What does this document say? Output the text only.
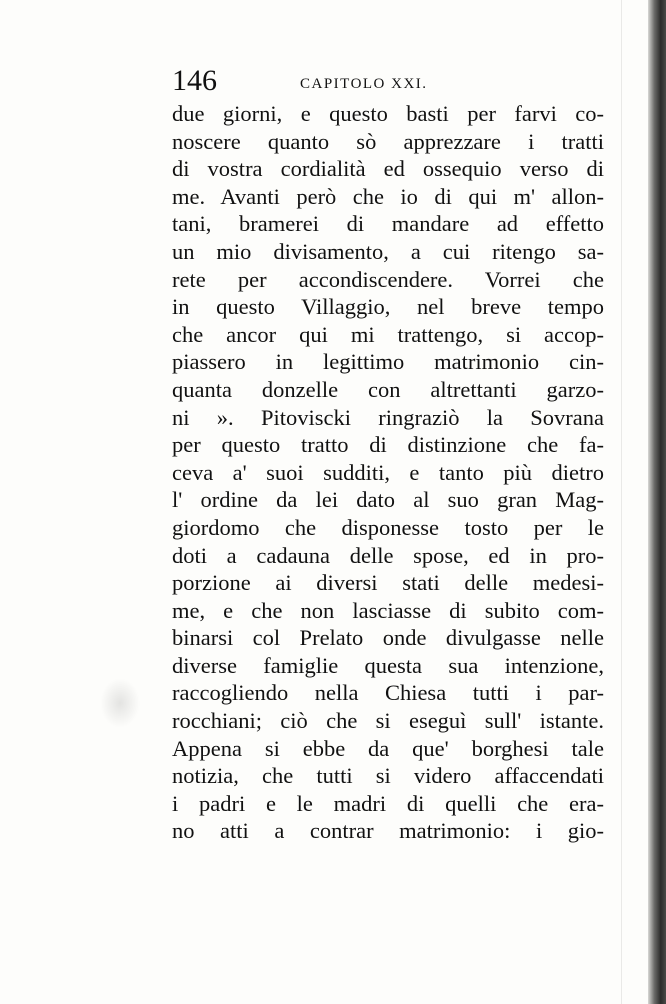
146	CAPITOLO XXI.
due giorni, e questo basti per farvi co-
noscere quanto sò apprezzare i tratti
di vostra cordialità ed ossequio verso di
me. Avanti però che io di qui m' allon-
tani, bramerei di mandare ad effetto
un mio divisamento, a cui ritengo sa-
rete per accondiscendere. Vorrei che
in questo Villaggio, nel breve tempo
che ancor qui mi trattengo, si accop-
piassero in legittimo matrimonio cin-
quanta donzelle con altrettanti garzo-
ni ». Pitoviscki ringraziò la Sovrana
per questo tratto di distinzione che fa-
ceva a' suoi sudditi, e tanto più dietro
l' ordine da lei dato al suo gran Mag-
giordomo che disponesse tosto per le
doti a cadauna delle spose, ed in pro-
porzione ai diversi stati delle medesi-
me, e che non lasciasse di subito com-
binarsi col Prelato onde divulgasse nelle
diverse famiglie questa sua intenzione,
raccogliendo nella Chiesa tutti i par-
rocchiani; ciò che si eseguì sull' istante.
Appena si ebbe da que' borghesi tale
notizia, che tutti si videro affaccendati
i padri e le madri di quelli che era-
no atti a contrar matrimonio: i gio-
